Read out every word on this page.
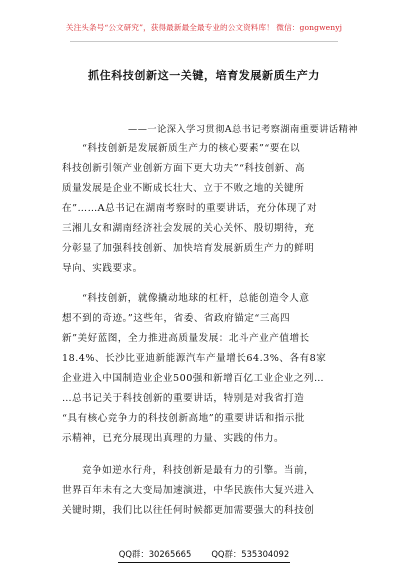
关注头条号“公文研究”，获得最新最全最专业的公文资料库！ 微信：gongwenyj
抓住科技创新这一关键，培育发展新质生产力
——一论深入学习贯彻A总书记考察湖南重要讲话精神
“科技创新是发展新质生产力的核心要素”“要在以
科技创新引领产业创新方面下更大功夫”“科技创新、高
质量发展是企业不断成长壮大、立于不败之地的关键所
在”……A总书记在湖南考察时的重要讲话，充分体现了对
三湘儿女和湖南经济社会发展的关心关怀、殷切期待，充
分彰显了加强科技创新、加快培育发展新质生产力的鲜明
导向、实践要求。
“科技创新，就像撬动地球的杠杆，总能创造令人意
想不到的奇迹。”这些年，省委、省政府锚定“三高四
新”美好蓝图，全力推进高质量发展：北斗产业产值增长
18.4%、长沙比亚迪新能源汽车产量增长64.3%、各有8家
企业进入中国制造业企业500强和新增百亿工业企业之列…
…总书记关于科技创新的重要讲话，特别是对我省打造
“具有核心竞争力的科技创新高地”的重要讲话和指示批
示精神，已充分展现出真理的力量、实践的伟力。
竞争如逆水行舟，科技创新是最有力的引擎。当前，
世界百年未有之大变局加速演进，中华民族伟大复兴进入
关键时期，我们比以往任何时候都更加需要强大的科技创
QQ群：30265665 QQ群：535304092
